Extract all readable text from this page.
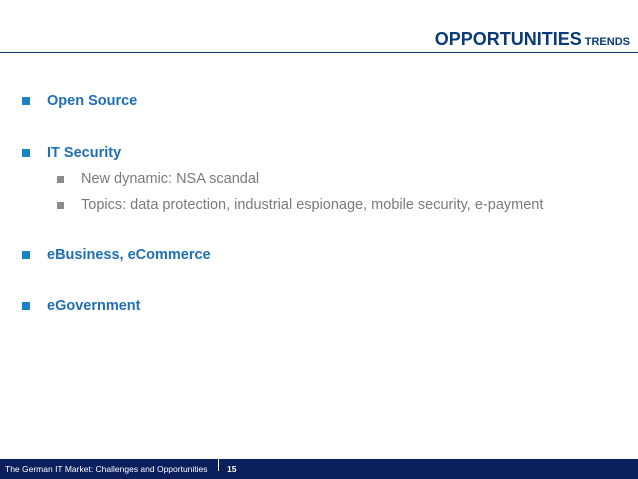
OPPORTUNITIES TRENDS
Open Source
IT Security
New dynamic: NSA scandal
Topics: data protection, industrial espionage, mobile security, e-payment
eBusiness, eCommerce
eGovernment
The German IT Market: Challenges and Opportunities 15
